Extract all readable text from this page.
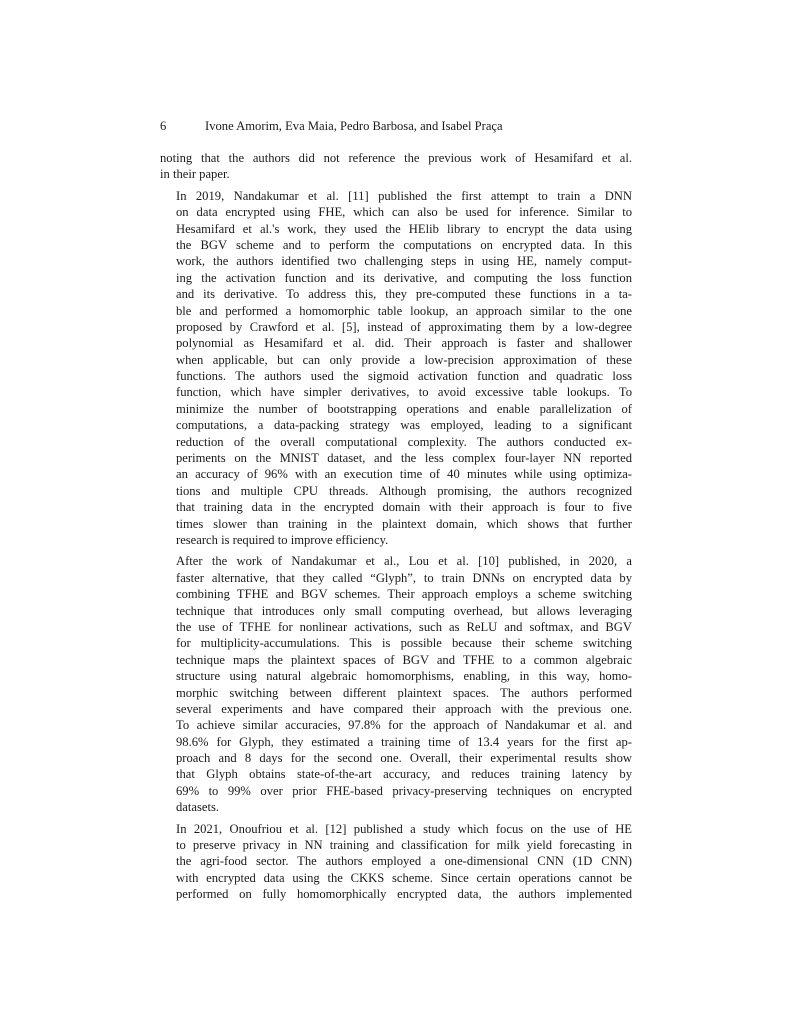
6	Ivone Amorim, Eva Maia, Pedro Barbosa, and Isabel Praça
noting that the authors did not reference the previous work of Hesamifard et al.
in their paper.
In 2019, Nandakumar et al. [11] published the first attempt to train a DNN
on data encrypted using FHE, which can also be used for inference. Similar to
Hesamifard et al.'s work, they used the HElib library to encrypt the data using
the BGV scheme and to perform the computations on encrypted data. In this
work, the authors identified two challenging steps in using HE, namely comput-
ing the activation function and its derivative, and computing the loss function
and its derivative. To address this, they pre-computed these functions in a ta-
ble and performed a homomorphic table lookup, an approach similar to the one
proposed by Crawford et al. [5], instead of approximating them by a low-degree
polynomial as Hesamifard et al. did. Their approach is faster and shallower
when applicable, but can only provide a low-precision approximation of these
functions. The authors used the sigmoid activation function and quadratic loss
function, which have simpler derivatives, to avoid excessive table lookups. To
minimize the number of bootstrapping operations and enable parallelization of
computations, a data-packing strategy was employed, leading to a significant
reduction of the overall computational complexity. The authors conducted ex-
periments on the MNIST dataset, and the less complex four-layer NN reported
an accuracy of 96% with an execution time of 40 minutes while using optimiza-
tions and multiple CPU threads. Although promising, the authors recognized
that training data in the encrypted domain with their approach is four to five
times slower than training in the plaintext domain, which shows that further
research is required to improve efficiency.
After the work of Nandakumar et al., Lou et al. [10] published, in 2020, a
faster alternative, that they called “Glyph”, to train DNNs on encrypted data by
combining TFHE and BGV schemes. Their approach employs a scheme switching
technique that introduces only small computing overhead, but allows leveraging
the use of TFHE for nonlinear activations, such as ReLU and softmax, and BGV
for multiplicity-accumulations. This is possible because their scheme switching
technique maps the plaintext spaces of BGV and TFHE to a common algebraic
structure using natural algebraic homomorphisms, enabling, in this way, homo-
morphic switching between different plaintext spaces. The authors performed
several experiments and have compared their approach with the previous one.
To achieve similar accuracies, 97.8% for the approach of Nandakumar et al. and
98.6% for Glyph, they estimated a training time of 13.4 years for the first ap-
proach and 8 days for the second one. Overall, their experimental results show
that Glyph obtains state-of-the-art accuracy, and reduces training latency by
69% to 99% over prior FHE-based privacy-preserving techniques on encrypted
datasets.
In 2021, Onoufriou et al. [12] published a study which focus on the use of HE
to preserve privacy in NN training and classification for milk yield forecasting in
the agri-food sector. The authors employed a one-dimensional CNN (1D CNN)
with encrypted data using the CKKS scheme. Since certain operations cannot be
performed on fully homomorphically encrypted data, the authors implemented
